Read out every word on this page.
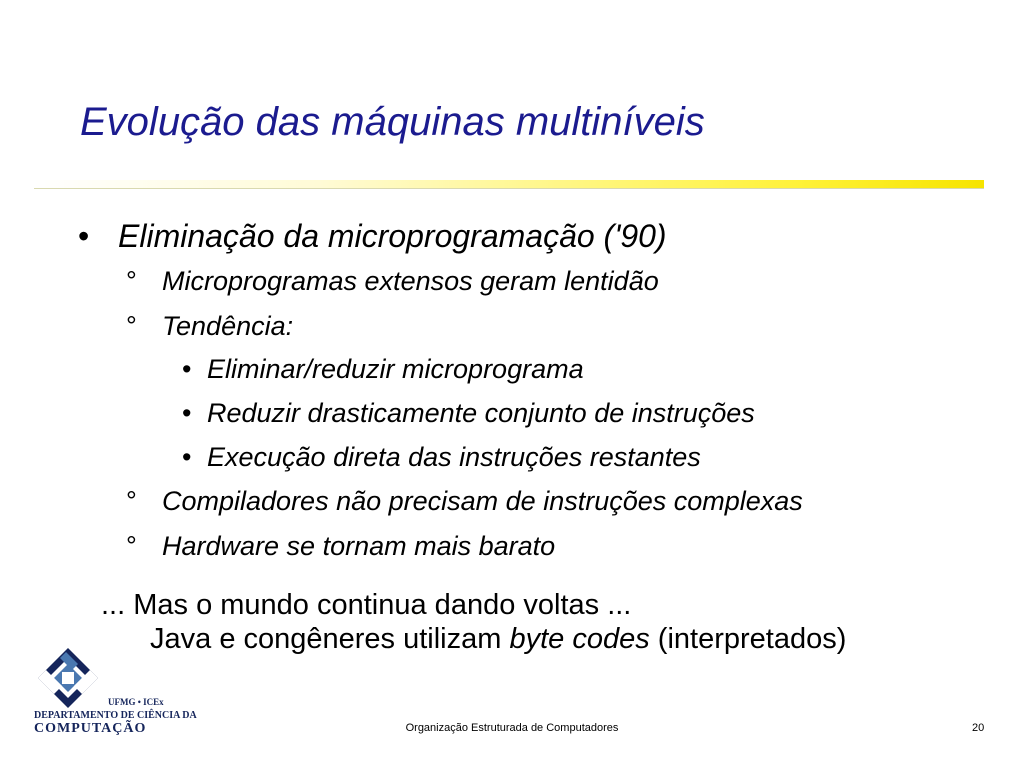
Evolução das máquinas multiníveis
• Eliminação da microprogramação ('90)
° Microprogramas extensos geram lentidão
° Tendência:
• Eliminar/reduzir microprograma
• Reduzir drasticamente conjunto de instruções
• Execução direta das instruções restantes
° Compiladores não precisam de instruções complexas
° Hardware se tornam mais barato
... Mas o mundo continua dando voltas ...
Java e congêneres utilizam byte codes (interpretados)
UFMG • ICEx
DEPARTAMENTO DE CIÊNCIA DA
COMPUTAÇÃO	Organização Estruturada de Computadores	20
